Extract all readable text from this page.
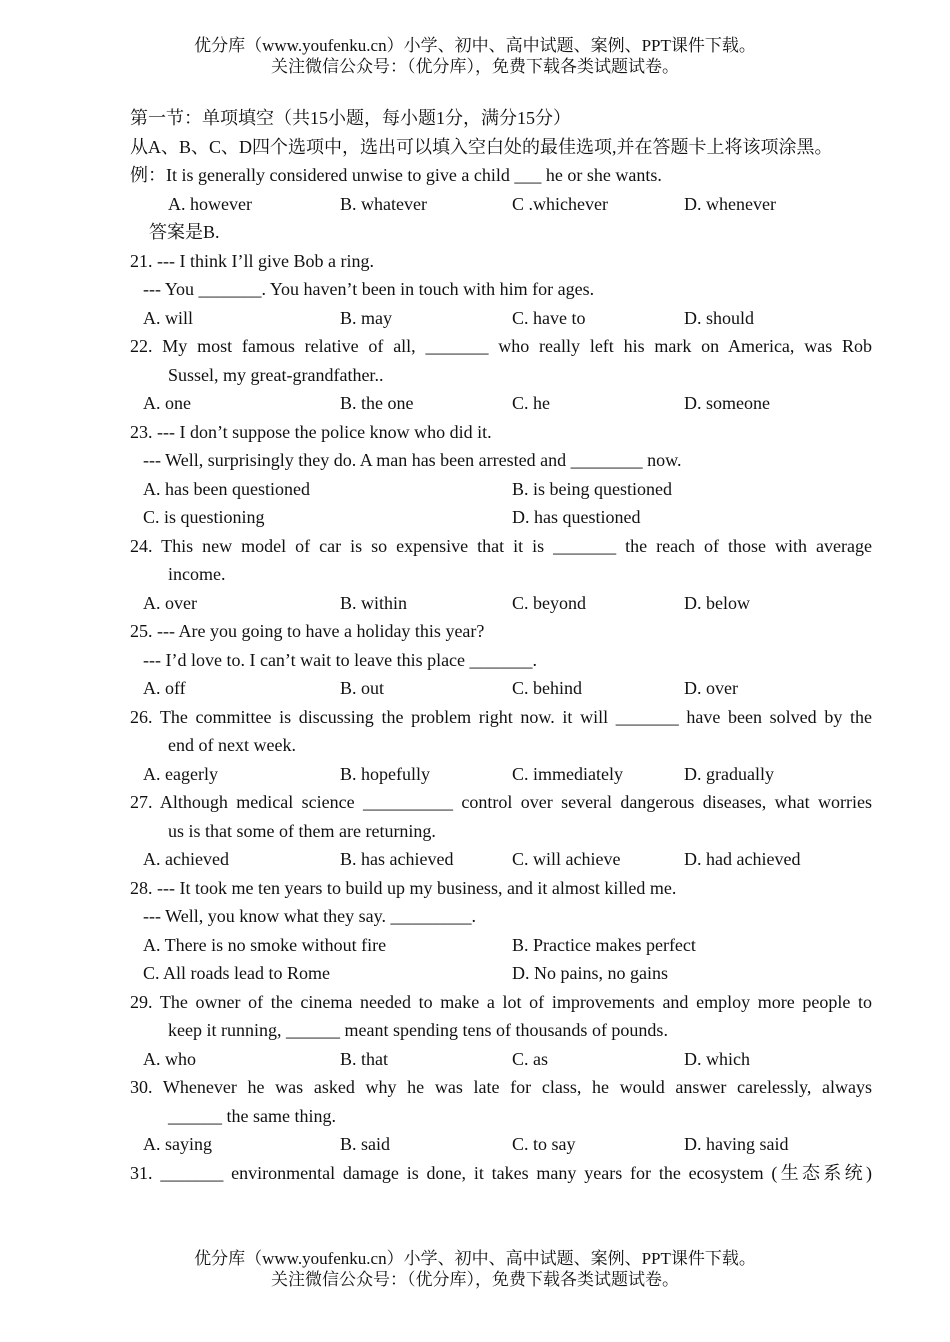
优分库（www.youfenku.cn）小学、初中、高中试题、案例、PPT课件下载。
关注微信公众号：（优分库），免费下载各类试题试卷。
第一节：单项填空（共15小题，每小题1分，满分15分）
从A、B、C、D四个选项中，选出可以填入空白处的最佳选项,并在答题卡上将该项涂黑。
例：It is generally considered unwise to give a child ___ he or she wants.
A. however	B. whatever	C .whichever	D. whenever
答案是B.
21. --- I think I’ll give Bob a ring.
--- You _______. You haven’t been in touch with him for ages.
A. will	B. may	C. have to	D. should
22. My most famous relative of all, _______ who really left his mark on America, was Rob
Sussel, my great-grandfather..
A. one	B. the one	C. he	D. someone
23. --- I don’t suppose the police know who did it.
--- Well, surprisingly they do. A man has been arrested and ________ now.
A. has been questioned	B. is being questioned
C. is questioning	D. has questioned
24. This new model of car is so expensive that it is _______ the reach of those with average
income.
A. over	B. within	C. beyond	D. below
25. --- Are you going to have a holiday this year?
--- I’d love to. I can’t wait to leave this place _______.
A. off	B. out	C. behind	D. over
26. The committee is discussing the problem right now. it will _______ have been solved by the
end of next week.
A. eagerly	B. hopefully	C. immediately	D. gradually
27. Although medical science __________ control over several dangerous diseases, what worries
us is that some of them are returning.
A. achieved	B. has achieved	C. will achieve	D. had achieved
28. --- It took me ten years to build up my business, and it almost killed me.
--- Well, you know what they say. _________.
A. There is no smoke without fire	B. Practice makes perfect
C. All roads lead to Rome	D. No pains, no gains
29. The owner of the cinema needed to make a lot of improvements and employ more people to
keep it running, ______ meant spending tens of thousands of pounds.
A. who	B. that	C. as	D. which
30. Whenever he was asked why he was late for class, he would answer carelessly, always
______ the same thing.
A. saying	B. said	C. to say	D. having said
31. _______ environmental damage is done, it takes many years for the ecosystem (生态系统)
优分库（www.youfenku.cn）小学、初中、高中试题、案例、PPT课件下载。
关注微信公众号：（优分库），免费下载各类试题试卷。
